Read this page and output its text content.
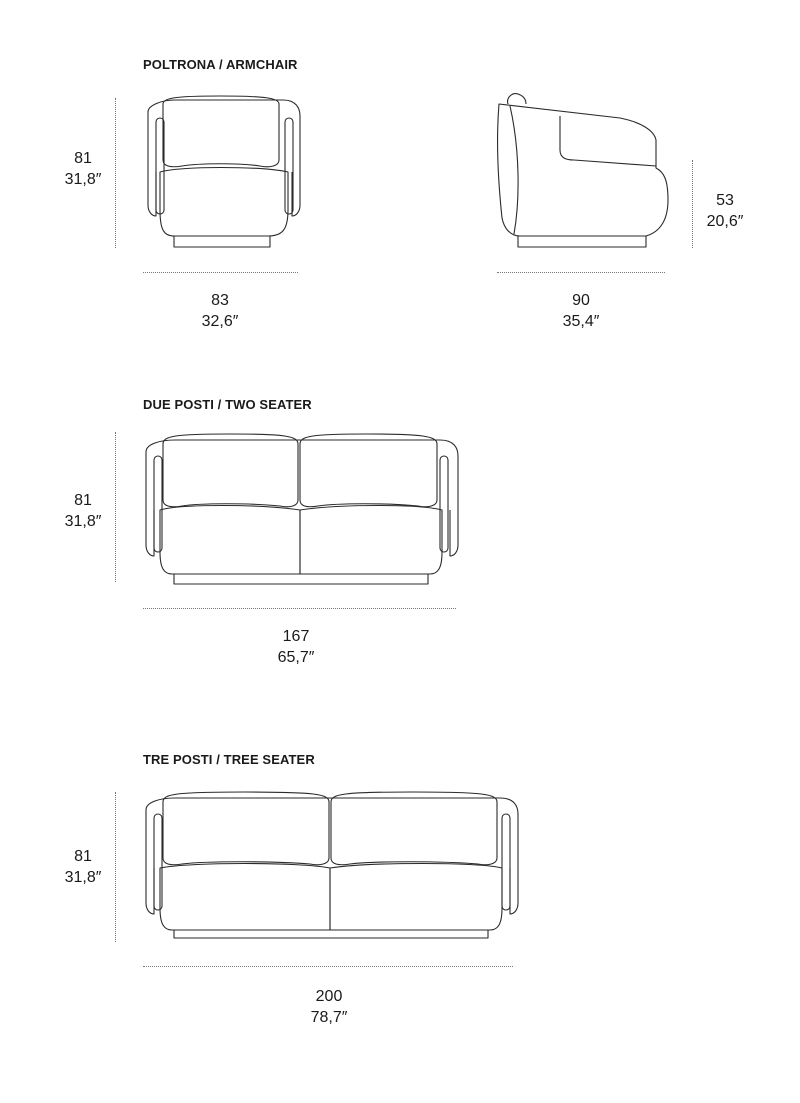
POLTRONA / ARMCHAIR
81
31,8″
83
32,6″
90
35,4″
53
20,6″
DUE POSTI / TWO SEATER
81
31,8″
167
65,7″
TRE POSTI / TREE SEATER
81
31,8″
200
78,7″
